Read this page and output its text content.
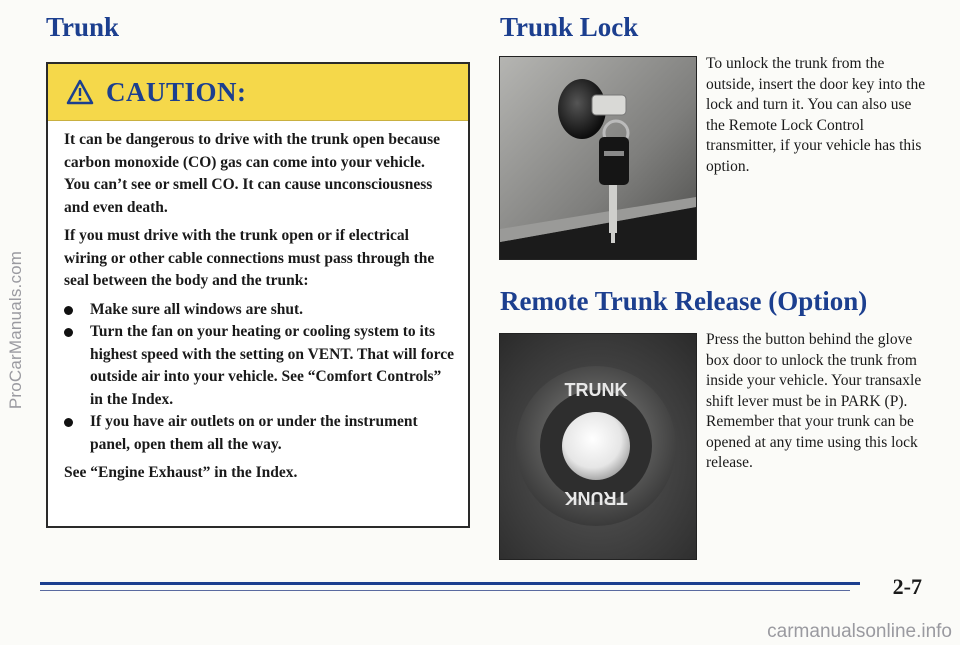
ProCarManuals.com
Trunk
CAUTION:

It can be dangerous to drive with the trunk open because carbon monoxide (CO) gas can come into your vehicle. You can’t see or smell CO. It can cause unconsciousness and even death.

If you must drive with the trunk open or if electrical wiring or other cable connections must pass through the seal between the body and the trunk:

Make sure all windows are shut.
Turn the fan on your heating or cooling system to its highest speed with the setting on VENT. That will force outside air into your vehicle. See “Comfort Controls” in the Index.
If you have air outlets on or under the instrument panel, open them all the way.

See “Engine Exhaust” in the Index.

Trunk Lock
To unlock the trunk from the outside, insert the door key into the lock and turn it. You can also use the Remote Lock Control transmitter, if your vehicle has this option.
Remote Trunk Release (Option)
TRUNK
TRUNK
Press the button behind the glove box door to unlock the trunk from inside your vehicle. Your transaxle shift lever must be in PARK (P). Remember that your trunk can be opened at any time using this lock release.
2-7
carmanualsonline.info
